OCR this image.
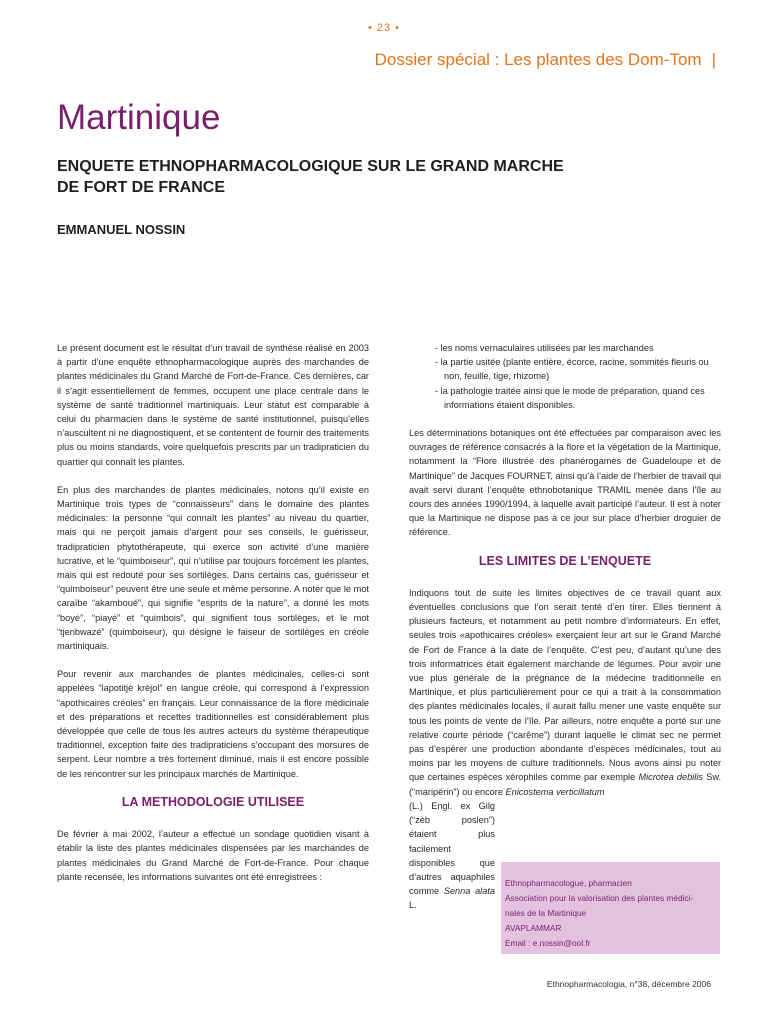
• 23 •
Dossier spécial : Les plantes des Dom-Tom |
Martinique
ENQUETE ETHNOPHARMACOLOGIQUE SUR LE GRAND MARCHE
DE FORT DE FRANCE
EMMANUEL NOSSIN

Le présent document est le résultat d’un travail de synthèse réalisé en 2003 à partir d’une enquête ethnopharmacologique auprès des marchandes de plantes médicinales du Grand Marché de Fort-de-France. Ces dernières, car il s’agit essentiellement de femmes, occupent une place centrale dans le système de santé traditionnel martiniquais. Leur statut est comparable à celui du pharmacien dans le système de santé institutionnel, puisqu’elles n’auscultent ni ne diagnostiquent, et se contentent de fournir des traitements plus ou moins standards, voire quelquefois prescrits par un tradipraticien du quartier qui connaît les plantes.

En plus des marchandes de plantes médicinales, notons qu’il existe en Martinique trois types de “connaisseurs” dans le domaine des plantes médicinales: la personne “qui connaît les plantes” au niveau du quartier, mais qui ne perçoit jamais d’argent pour ses conseils, le guérisseur, tradipraticien phytothérapeute, qui exerce son activité d’une manière lucrative, et le “quimboiseur”, qui n’utilise par toujours forcément les plantes, mais qui est redouté pour ses sortilèges. Dans certains cas, guérisseur et “quimboiseur” peuvent être une seule et même personne. A noter que le mot caraïbe “akamboué”, qui signifie “esprits de la nature”, a donné les mots “boyé”, “piayé” et “quimbois”, qui signifient tous sortilèges, et le mot “tjenbwazé” (quimboiseur), qui désigne le faiseur de sortilèges en créole martiniquais.

Pour revenir aux marchandes de plantes médicinales, celles-ci sont appelées “lapotitjè krèjol” en langue créole, qui correspond à l’expression “apothicaires créoles” en français. Leur connaissance de la flore médicinale et des préparations et recettes traditionnelles est considérablement plus développée que celle de tous les autres acteurs du système thérapeutique traditionnel, exception faite des tradipraticiens s’occupant des morsures de serpent. Leur nombre a très fortement diminué, mais il est encore possible de les rencontrer sur les principaux marchés de Martinique.

LA METHODOLOGIE UTILISEE

De février à mai 2002, l’auteur a effectué un sondage quotidien visant à établir la liste des plantes médicinales dispensées par les marchandes de plantes médicinales du Grand Marché de Fort-de-France. Pour chaque plante recensée, les informations suivantes ont été enregistrées :

- les noms vernaculaires utilisées par les marchandes
- la partie usitée (plante entière, écorce, racine, sommités fleuris ou non, feuille, tige, rhizome)
- la pathologie traitée ainsi que le mode de préparation, quand ces informations étaient disponibles.

Les déterminations botaniques ont été effectuées par comparaison avec les ouvrages de référence consacrés à la flore et la végétation de la Martinique, notamment la “Flore illustrée des phanérogames de Guadeloupe et de Martinique” de Jacques FOURNET, ainsi qu’à l’aide de l’herbier de travail qui avait servi durant l’enquête ethnobotanique TRAMIL menée dans l’île au cours des années 1990/1994, à laquelle avait participé l’auteur. Il est à noter que la Martinique ne dispose pas à ce jour sur place d’herbier droguier de référence.

LES LIMITES DE L’ENQUETE

Indiquons tout de suite les limites objectives de ce travail quant aux éventuelles conclusions que l’on serait tenté d’en tirer. Elles tiennent à plusieurs facteurs, et notamment au petit nombre d’informateurs. En effet, seules trois «apothicaires créoles» exerçaient leur art sur le Grand Marché de Fort de France à la date de l’enquête. C’est peu, d’autant qu’une des trois informatrices était également marchande de légumes. Pour avoir une vue plus générale de la prégnance de la médecine traditionnelle en Martinique, et plus particulièrement pour ce qui a trait à la consommation des plantes médicinales locales, il aurait fallu mener une vaste enquête sur tous les points de vente de l’île. Par ailleurs, notre enquête a porté sur une relative courte période (“carême”) durant laquelle le climat sec ne permet pas d’espérer une production abondante d’espèces médicinales, tout au moins par les moyens de culture traditionnels. Nous avons ainsi pu noter que certaines espèces xérophiles comme par exemple Microtea debilis Sw. (“maripérin”) ou encore Enicostema verticillatum
(L.) Engl. ex Gilg (“zèb poslen”) étaient plus facilement disponibles que d’autres aquaphiles comme Senna alata L.

Ethnopharmacologue, pharmacien
Association pour la valorisation des plantes médici-
nales de la Martinique
AVAPLAMMAR
Email : e.nossin@ool.fr
Ethnopharmacologia, n°38, décembre 2006
